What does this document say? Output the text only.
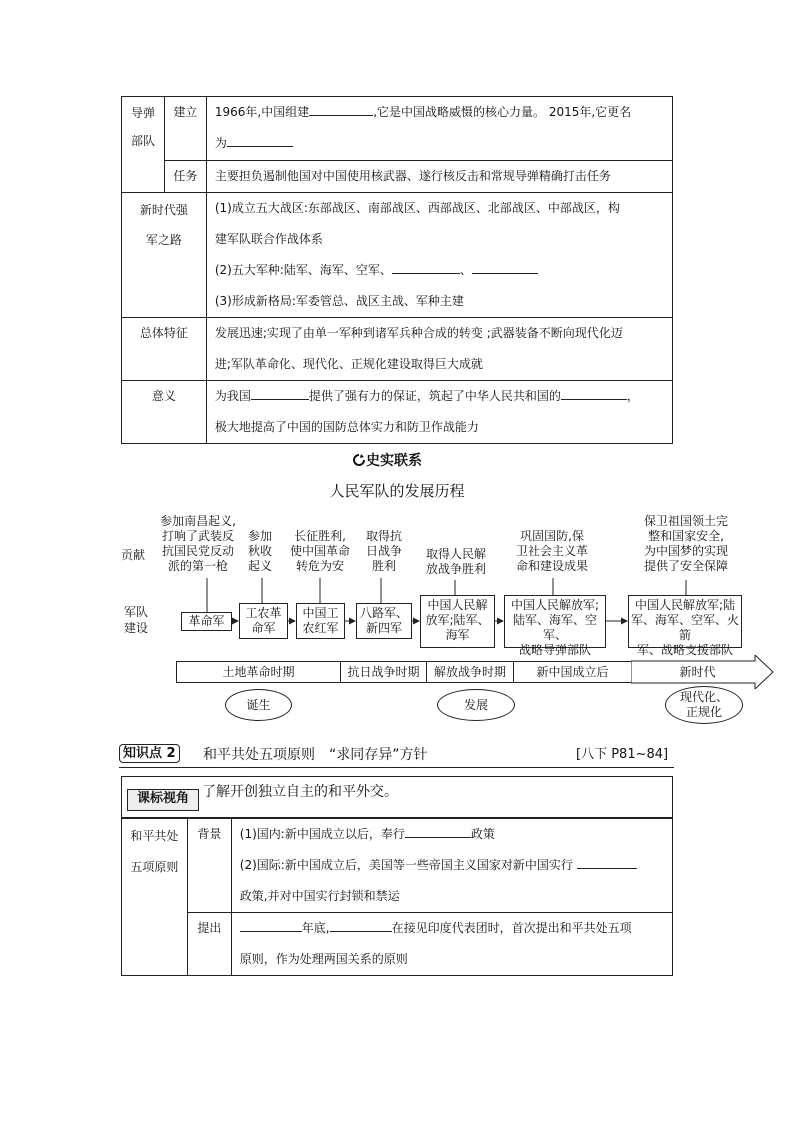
导弹
部队	建立	1966年,中国组建 ,它是中国战略威慑的核心力量。 2015年,它更名
为
	任务	主要担负遏制他国对中国使用核武器、遂行核反击和常规导弹精确打击任务
新时代强
军之路		(1)成立五大战区:东部战区、南部战区、西部战区、北部战区、中部战区，构
建军队联合作战体系
(2)五大军种:陆军、海军、空军、 、
(3)形成新格局:军委管总、战区主战、军种主建
总体特征		发展迅速;实现了由单一军种到诸军兵种合成的转变 ;武器装备不断向现代化迈
进;军队革命化、现代化、正规化建设取得巨大成就
意义		为我国 提供了强有力的保证，筑起了中华人民共和国的 ，
极大地提高了中国的国防总体实力和防卫作战能力
史实联系
人民军队的发展历程
贡献
军队
建设
参加南昌起义,
打响了武装反
抗国民党反动
派的第一枪
参加
秋收
起义
长征胜利,
使中国革命
转危为安
取得抗
日战争
胜利
取得人民解
放战争胜利
巩固国防,保
卫社会主义革
命和建设成果
保卫祖国领土完
整和国家安全,
为中国梦的实现
提供了安全保障
革命军
工农革
命军
中国工
农红军
八路军、
新四军
中国人民解
放军;陆军、
海军
中国人民解放军;
陆军、海军、空军、
战略导弹部队
中国人民解放军;陆
军、海军、空军、火箭
军、战略支援部队
土地革命时期	抗日战争时期	解放战争时期	新中国成立后	新时代
诞生	发展
现代化、
正规化
知识点 2 和平共处五项原则　“求同存异”方针	[八下 P81~84]
课标视角 了解开创独立自主的和平外交。
和平共处
五项原则	背景	(1)国内:新中国成立以后，奉行 政策
(2)国际:新中国成立后，美国等一些帝国主义国家对新中国实行
政策,并对中国实行封锁和禁运
	提出	年底, 在接见印度代表团时，首次提出和平共处五项
原则，作为处理两国关系的原则
